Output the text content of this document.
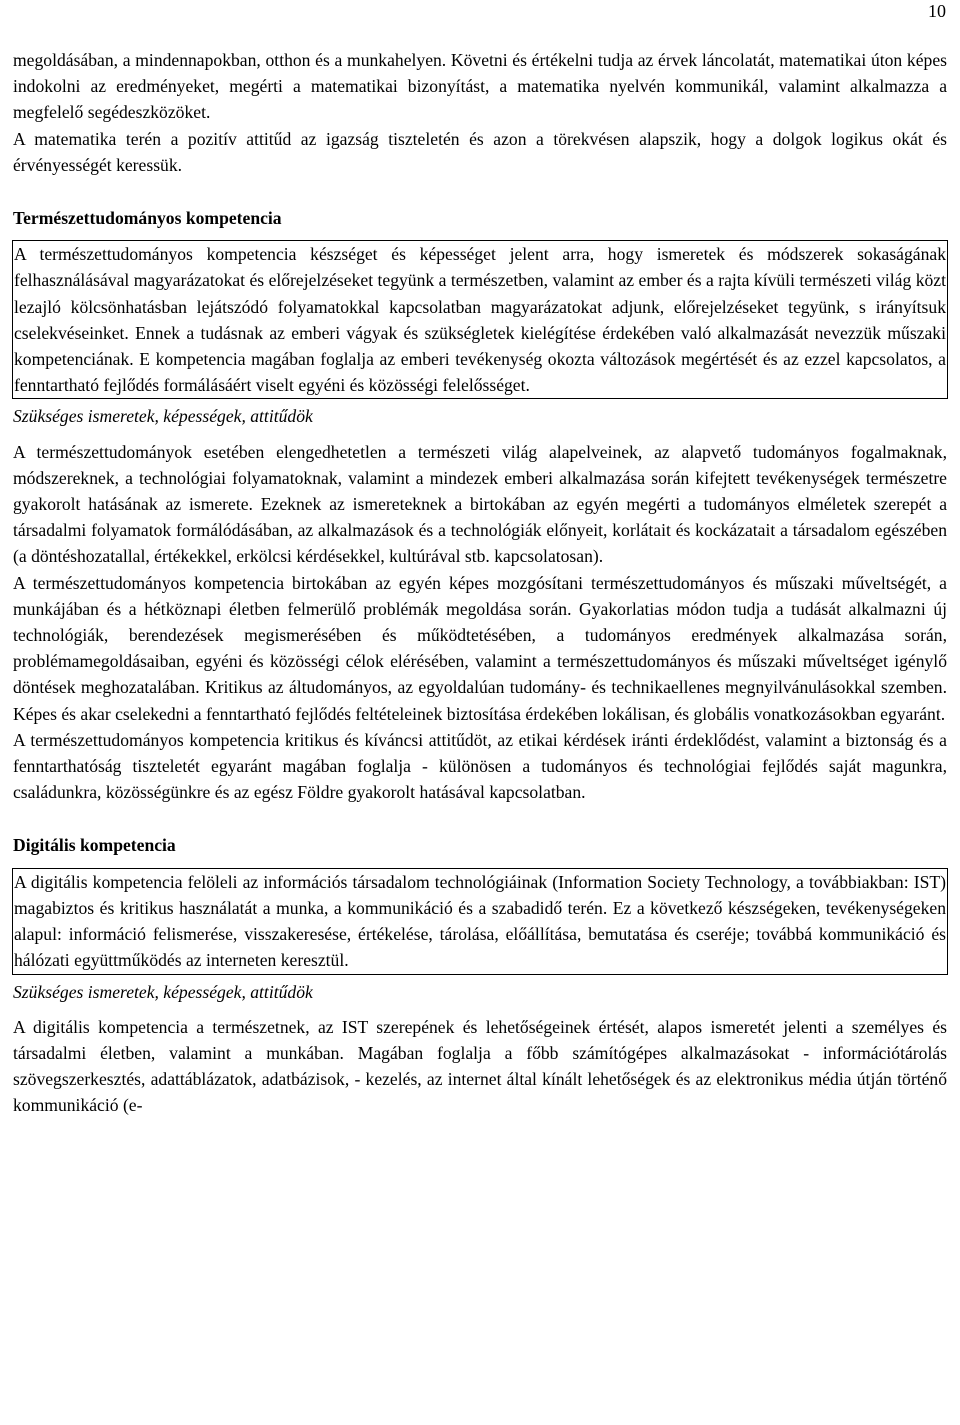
10

megoldásában, a mindennapokban, otthon és a munkahelyen. Követni és értékelni tudja az érvek láncolatát, matematikai úton képes indokolni az eredményeket, megérti a matematikai bizonyítást, a matematika nyelvén kommunikál, valamint alkalmazza a megfelelő segédeszközöket.

A matematika terén a pozitív attitűd az igazság tiszteletén és azon a törekvésen alapszik, hogy a dolgok logikus okát és érvényességét keressük.

Természettudományos kompetencia

A természettudományos kompetencia készséget és képességet jelent arra, hogy ismeretek és módszerek sokaságának felhasználásával magyarázatokat és előrejelzéseket tegyünk a természetben, valamint az ember és a rajta kívüli természeti világ közt lezajló kölcsönhatásban lejátszódó folyamatokkal kapcsolatban magyarázatokat adjunk, előrejelzéseket tegyünk, s irányítsuk cselekvéseinket. Ennek a tudásnak az emberi vágyak és szükségletek kielégítése érdekében való alkalmazását nevezzük műszaki kompetenciának. E kompetencia magában foglalja az emberi tevékenység okozta változások megértését és az ezzel kapcsolatos, a fenntartható fejlődés formálásáért viselt egyéni és közösségi felelősséget.

Szükséges ismeretek, képességek, attitűdök

A természettudományok esetében elengedhetetlen a természeti világ alapelveinek, az alapvető tudományos fogalmaknak, módszereknek, a technológiai folyamatoknak, valamint a mindezek emberi alkalmazása során kifejtett tevékenységek természetre gyakorolt hatásának az ismerete. Ezeknek az ismereteknek a birtokában az egyén megérti a tudományos elméletek szerepét a társadalmi folyamatok formálódásában, az alkalmazások és a technológiák előnyeit, korlátait és kockázatait a társadalom egészében (a döntéshozatallal, értékekkel, erkölcsi kérdésekkel, kultúrával stb. kapcsolatosan).

A természettudományos kompetencia birtokában az egyén képes mozgósítani természettudományos és műszaki műveltségét, a munkájában és a hétköznapi életben felmerülő problémák megoldása során. Gyakorlatias módon tudja a tudását alkalmazni új technológiák, berendezések megismerésében és működtetésében, a tudományos eredmények alkalmazása során, problémamegoldásaiban, egyéni és közösségi célok elérésében, valamint a természettudományos és műszaki műveltséget igénylő döntések meghozatalában. Kritikus az áltudományos, az egyoldalúan tudomány- és technikaellenes megnyilvánulásokkal szemben. Képes és akar cselekedni a fenntartható fejlődés feltételeinek biztosítása érdekében lokálisan, és globális vonatkozásokban egyaránt.

A természettudományos kompetencia kritikus és kíváncsi attitűdöt, az etikai kérdések iránti érdeklődést, valamint a biztonság és a fenntarthatóság tiszteletét egyaránt magában foglalja - különösen a tudományos és technológiai fejlődés saját magunkra, családunkra, közösségünkre és az egész Földre gyakorolt hatásával kapcsolatban.

Digitális kompetencia

A digitális kompetencia felöleli az információs társadalom technológiáinak (Information Society Technology, a továbbiakban: IST) magabiztos és kritikus használatát a munka, a kommunikáció és a szabadidő terén. Ez a következő készségeken, tevékenységeken alapul: információ felismerése, visszakeresése, értékelése, tárolása, előállítása, bemutatása és cseréje; továbbá kommunikáció és hálózati együttműködés az interneten keresztül.

Szükséges ismeretek, képességek, attitűdök

A digitális kompetencia a természetnek, az IST szerepének és lehetőségeinek értését, alapos ismeretét jelenti a személyes és társadalmi életben, valamint a munkában. Magában foglalja a főbb számítógépes alkalmazásokat - információtárolás szövegszerkesztés, adattáblázatok, adatbázisok, - kezelés, az internet által kínált lehetőségek és az elektronikus média útján történő kommunikáció (e-
